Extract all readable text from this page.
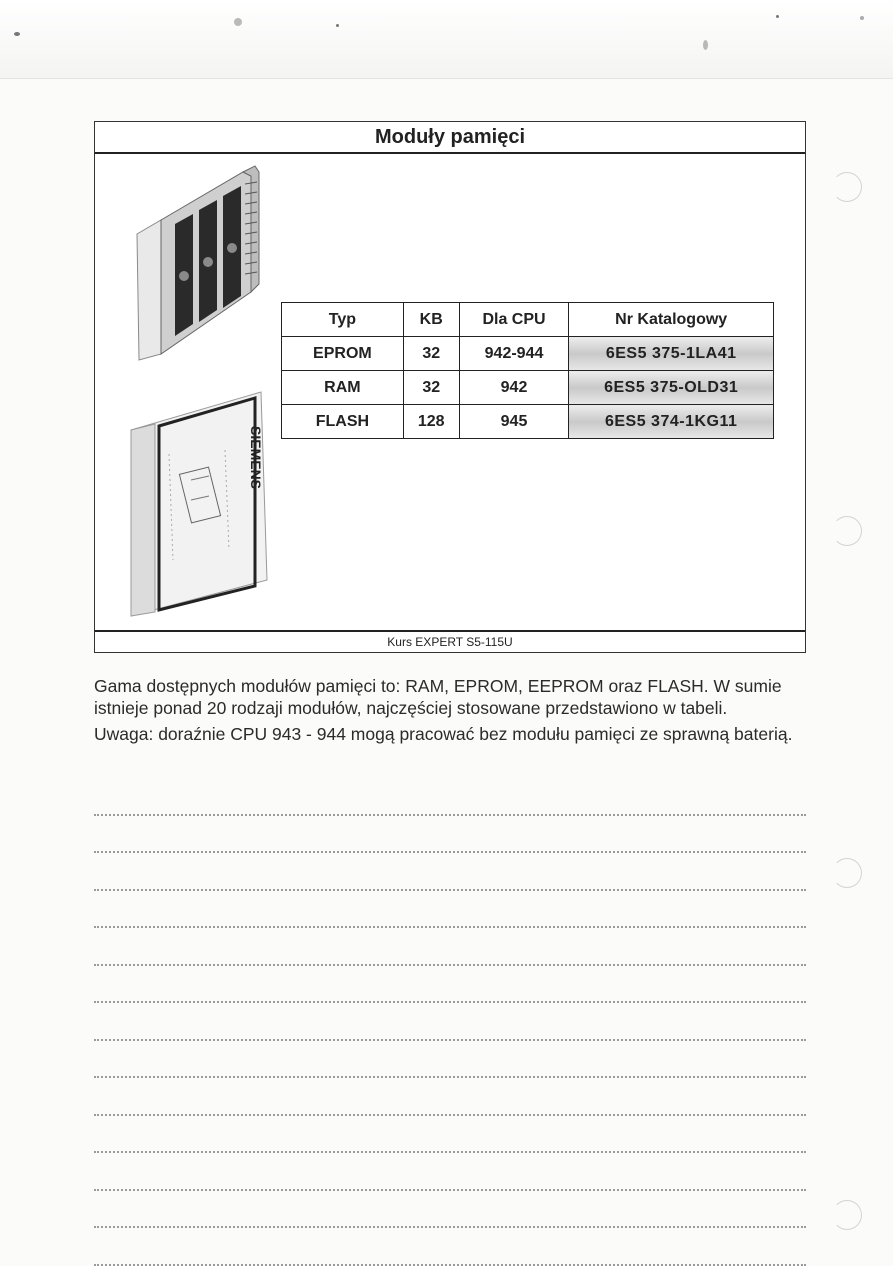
Moduły pamięci
SIEMENS
Typ	KB	Dla CPU	Nr Katalogowy
EPROM	32	942-944	6ES5 375-1LA41
RAM	32	942	6ES5 375-OLD31
FLASH	128	945	6ES5 374-1KG11
Kurs EXPERT S5-115U

Gama dostępnych modułów pamięci to: RAM, EPROM, EEPROM oraz FLASH. W sumie istnieje ponad 20 rodzaji modułów, najczęściej stosowane przedstawiono w tabeli.

Uwaga: doraźnie CPU 943 - 944 mogą pracować bez modułu pamięci ze sprawną baterią.
